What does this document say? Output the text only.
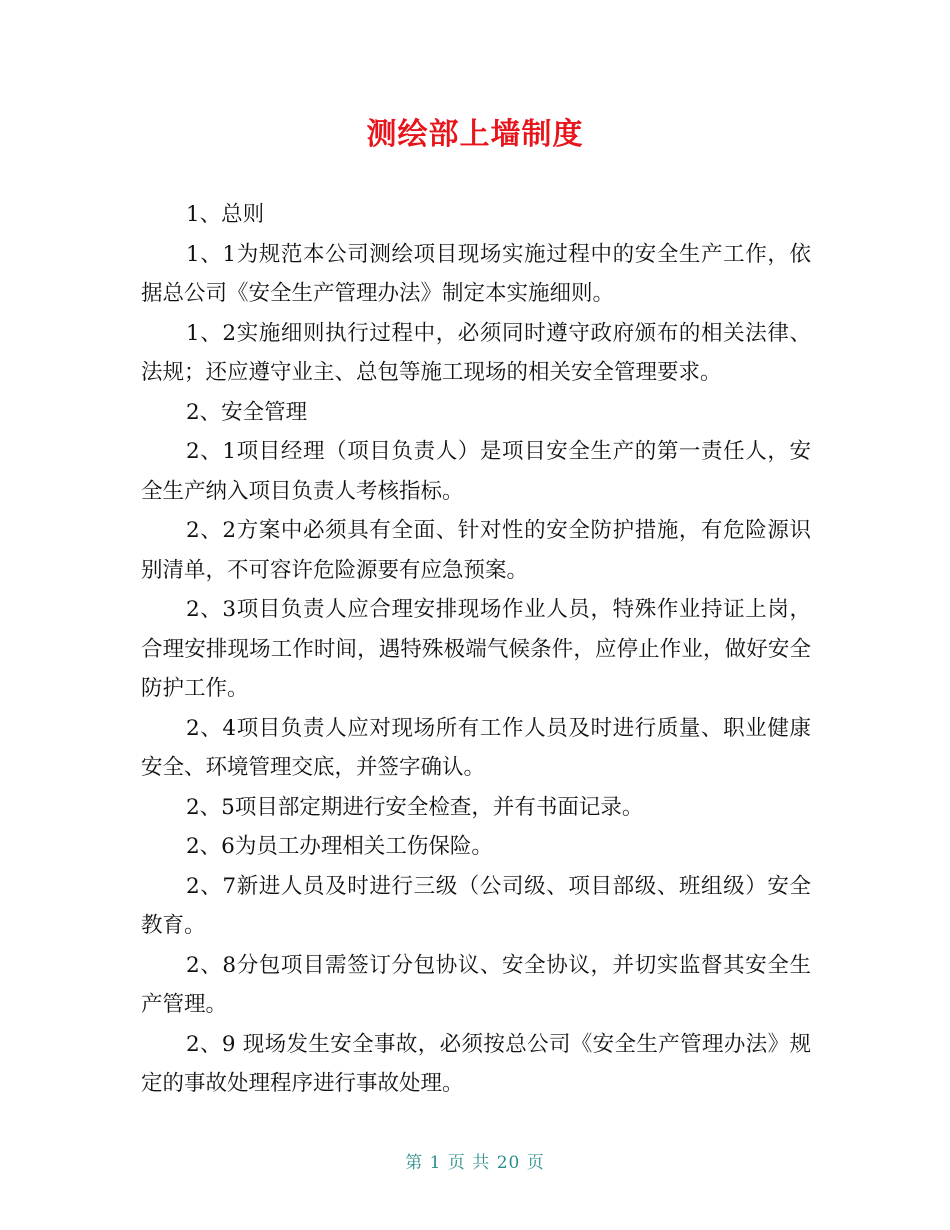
测绘部上墙制度

1、总则

1、1为规范本公司测绘项目现场实施过程中的安全生产工作，依据总公司《安全生产管理办法》制定本实施细则。

1、2实施细则执行过程中，必须同时遵守政府颁布的相关法律、法规；还应遵守业主、总包等施工现场的相关安全管理要求。

2、安全管理

2、1项目经理（项目负责人）是项目安全生产的第一责任人，安全生产纳入项目负责人考核指标。

2、2方案中必须具有全面、针对性的安全防护措施，有危险源识别清单，不可容许危险源要有应急预案。

2、3项目负责人应合理安排现场作业人员，特殊作业持证上岗，合理安排现场工作时间，遇特殊极端气候条件，应停止作业，做好安全防护工作。

2、4项目负责人应对现场所有工作人员及时进行质量、职业健康安全、环境管理交底，并签字确认。

2、5项目部定期进行安全检查，并有书面记录。

2、6为员工办理相关工伤保险。

2、7新进人员及时进行三级（公司级、项目部级、班组级）安全教育。

2、8分包项目需签订分包协议、安全协议，并切实监督其安全生产管理。

2、9 现场发生安全事故，必须按总公司《安全生产管理办法》规定的事故处理程序进行事故处理。

第 1 页 共 20 页
